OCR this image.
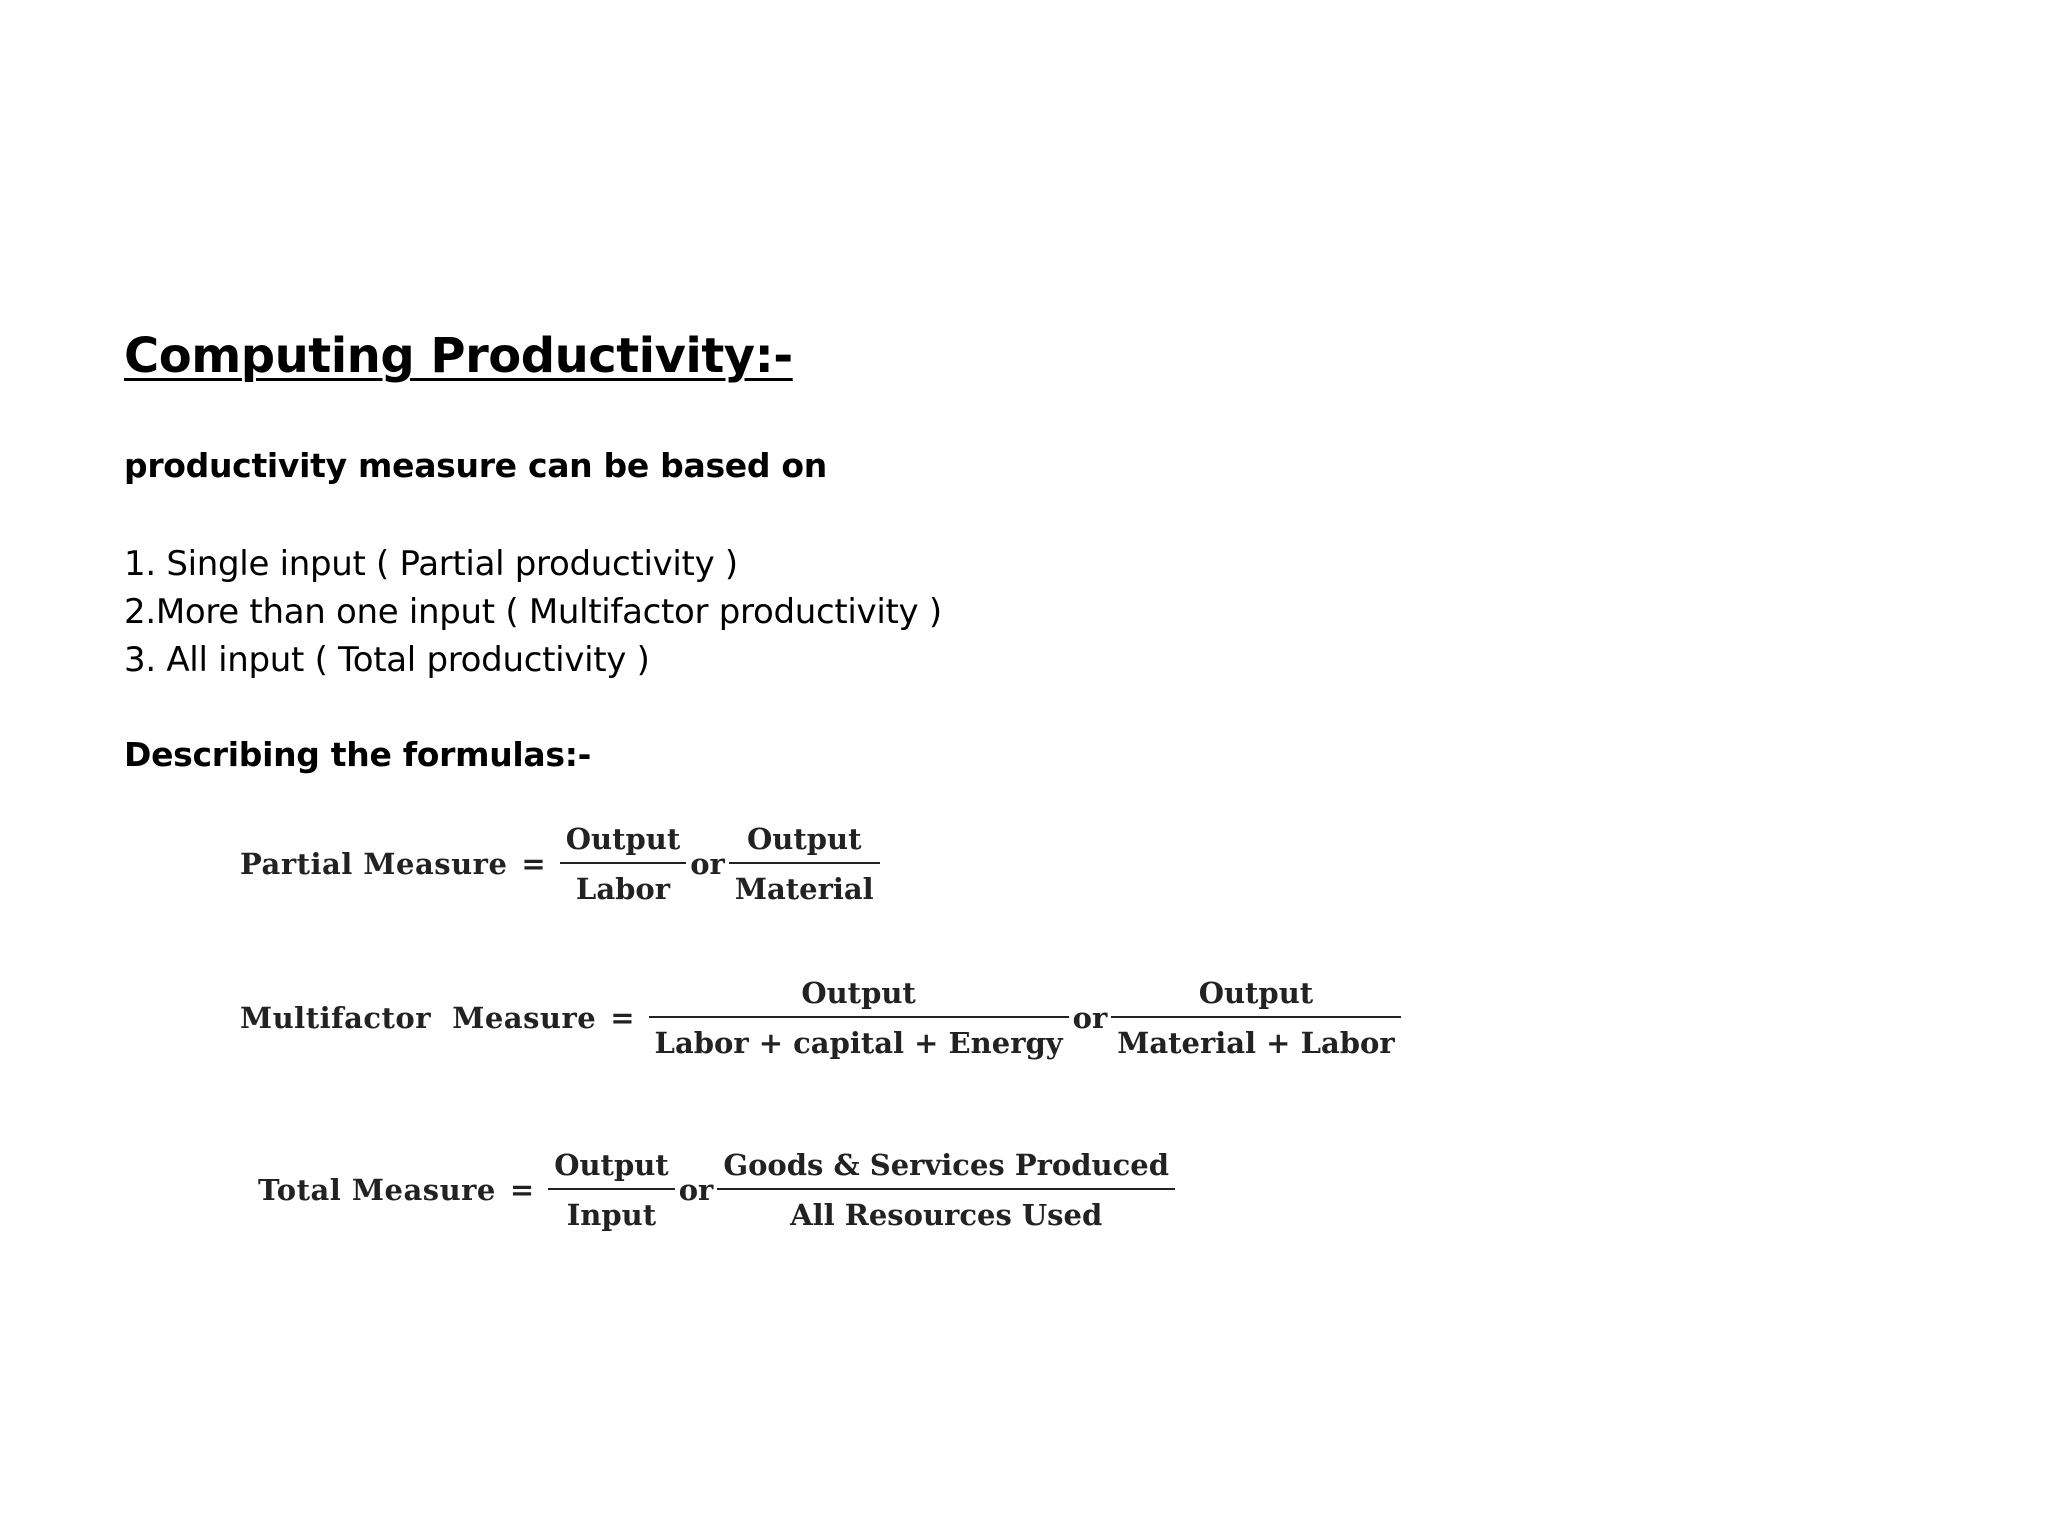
Computing Productivity:-
productivity measure can be based on
1. Single input ( Partial productivity )
2.More than one input ( Multifactor productivity )
3. All input ( Total productivity )
Describing the formulas:-
Partial Measure = $\frac{\text{Output}}{\text{Labor}}$ or $\frac{\text{Output}}{\text{Material}}$
Multifactor  Measure = $\frac{\text{Output}}{\text{Labor + capital + Energy}}$ or $\frac{\text{Output}}{\text{Material + Labor}}$
Total Measure = $\frac{\text{Output}}{\text{Input}}$ or $\frac{\text{Goods \& Services Produced}}{\text{All Resources Used}}$
